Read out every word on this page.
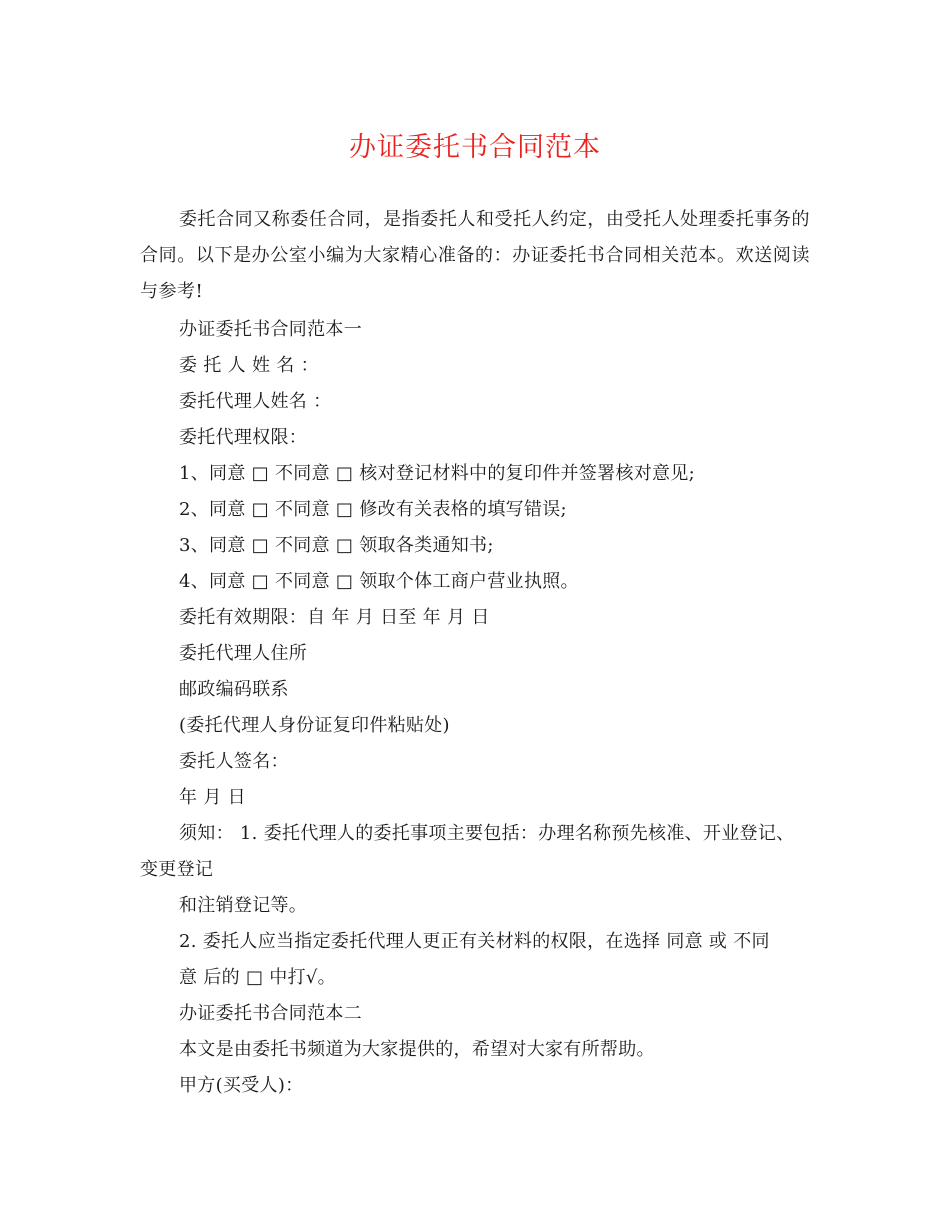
办证委托书合同范本

委托合同又称委任合同，是指委托人和受托人约定，由受托人处理委托事务的合同。以下是办公室小编为大家精心准备的：办证委托书合同相关范本。欢送阅读与参考!

办证委托书合同范本一

委 托 人 姓 名 ：

委托代理人姓名 ：

委托代理权限：

1、同意 □ 不同意 □ 核对登记材料中的复印件并签署核对意见;

2、同意 □ 不同意 □ 修改有关表格的填写错误;

3、同意 □ 不同意 □ 领取各类通知书;

4、同意 □ 不同意 □ 领取个体工商户营业执照。

委托有效期限：自 年 月 日至 年 月 日

委托代理人住所

邮政编码联系

(委托代理人身份证复印件粘贴处)

委托人签名：

年 月 日

须知： 1. 委托代理人的委托事项主要包括：办理名称预先核准、开业登记、

变更登记

和注销登记等。

2. 委托人应当指定委托代理人更正有关材料的权限，在选择 同意 或 不同

意 后的 □ 中打√。

办证委托书合同范本二

本文是由委托书频道为大家提供的，希望对大家有所帮助。

甲方(买受人)：
